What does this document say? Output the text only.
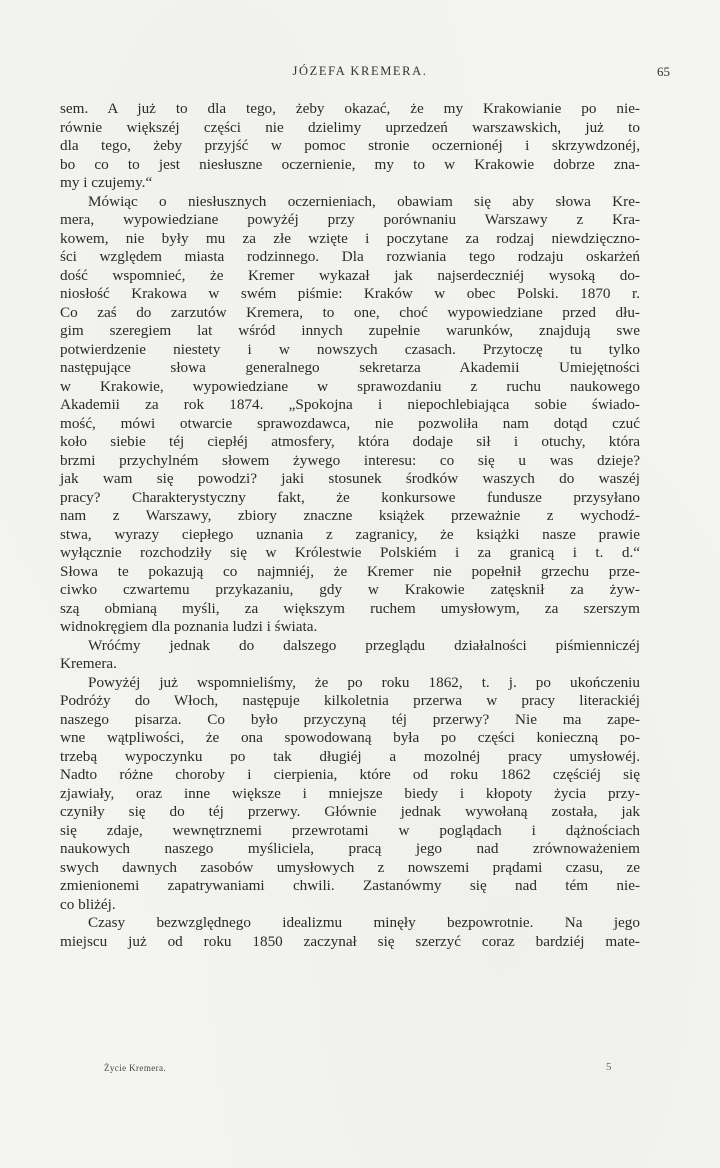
JÓZEFA KREMERA.	65
sem. A już to dla tego, żeby okazać, że my Krakowianie po nie-
równie większéj części nie dzielimy uprzedzeń warszawskich, już to
dla tego, żeby przyjść w pomoc stronie oczernionéj i skrzywdzonéj,
bo co to jest niesłuszne oczernienie, my to w Krakowie dobrze zna-
my i czujemy.“
Mówiąc o niesłusznych oczernieniach, obawiam się aby słowa Kre-
mera, wypowiedziane powyżéj przy porównaniu Warszawy z Kra-
kowem, nie były mu za złe wzięte i poczytane za rodzaj niewdzięczno-
ści względem miasta rodzinnego. Dla rozwiania tego rodzaju oskarżeń
dość wspomnieć, że Kremer wykazał jak najserdeczniéj wysoką do-
niosłość Krakowa w swém piśmie: Kraków w obec Polski. 1870 r.
Co zaś do zarzutów Kremera, to one, choć wypowiedziane przed dłu-
gim szeregiem lat wśród innych zupełnie warunków, znajdują swe
potwierdzenie niestety i w nowszych czasach. Przytoczę tu tylko
następujące słowa generalnego sekretarza Akademii Umiejętności
w Krakowie, wypowiedziane w sprawozdaniu z ruchu naukowego
Akademii za rok 1874. „Spokojna i niepochlebiająca sobie świado-
mość, mówi otwarcie sprawozdawca, nie pozwoliła nam dotąd czuć
koło siebie téj ciepłéj atmosfery, która dodaje sił i otuchy, która
brzmi przychylném słowem żywego interesu: co się u was dzieje?
jak wam się powodzi? jaki stosunek środków waszych do waszéj
pracy? Charakterystyczny fakt, że konkursowe fundusze przysyłano
nam z Warszawy, zbiory znaczne książek przeważnie z wychodź-
stwa, wyrazy ciepłego uznania z zagranicy, że książki nasze prawie
wyłącznie rozchodziły się w Królestwie Polskiém i za granicą i t. d.“
Słowa te pokazują co najmniéj, że Kremer nie popełnił grzechu prze-
ciwko czwartemu przykazaniu, gdy w Krakowie zatęsknił za żyw-
szą obmianą myśli, za większym ruchem umysłowym, za szerszym
widnokręgiem dla poznania ludzi i świata.
Wróćmy jednak do dalszego przeglądu działalności piśmienniczéj
Kremera.
Powyżéj już wspomnieliśmy, że po roku 1862, t. j. po ukończeniu
Podróży do Włoch, następuje kilkoletnia przerwa w pracy literackiéj
naszego pisarza. Co było przyczyną téj przerwy? Nie ma zape-
wne wątpliwości, że ona spowodowaną była po części konieczną po-
trzebą wypoczynku po tak długiéj a mozolnéj pracy umysłowéj.
Nadto różne choroby i cierpienia, które od roku 1862 częściéj się
zjawiały, oraz inne większe i mniejsze biedy i kłopoty życia przy-
czyniły się do téj przerwy. Głównie jednak wywołaną została, jak
się zdaje, wewnętrznemi przewrotami w poglądach i dążnościach
naukowych naszego myśliciela, pracą jego nad zrównoważeniem
swych dawnych zasobów umysłowych z nowszemi prądami czasu, ze
zmienionemi zapatrywaniami chwili. Zastanówmy się nad tém nie-
co bliżéj.
Czasy bezwzględnego idealizmu minęły bezpowrotnie. Na jego
miejscu już od roku 1850 zaczynał się szerzyć coraz bardziéj mate-
Życie Kremera.	5
